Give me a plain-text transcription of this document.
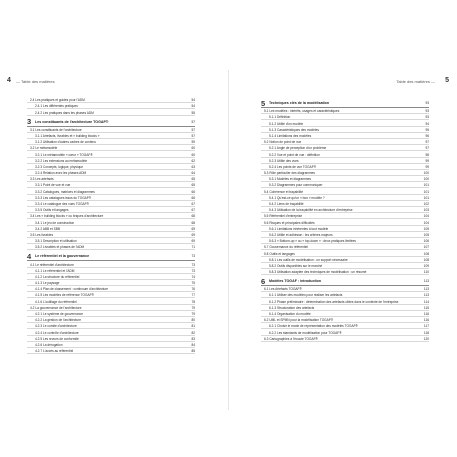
4 — Table des matières
2.4 Les pratiques et guides pour l'ADM	54
2.4.1 Les différentes pratiques	54
2.4.2 Les pratiques dans les phases ADM	55
3	Les constituants de l'architecture TOGAF®	57
3.1 Les constituants de l'architecture	57
3.1.1 Artefacts, livrables et « building blocks »	57
3.1.2 Utilisation d'autres cadres de contenu	59
3.2 Le métamodèle	60
3.2.1 Le métamodèle « cœur » TOGAF®	60
3.2.2 Les extensions au métamodèle	62
3.2.3 Concepts, logique, physique	63
3.2.4 Relation avec les phases ADM	64
3.3 Les artefacts	65
3.3.1 Point de vue et vue	65
3.3.2 Catalogues, matrices et diagrammes	66
3.3.3 Les catalogues issus du TOGAF®	66
3.3.4 Le catalogue des vues TOGAF®	67
3.3.5 Outils et langages	67
3.4 Les « building blocks » ou briques d'architecture	68
3.4.1 Le jeu de construction	68
3.4.2 ABB et SBB	69
3.5 Les livrables	69
3.5.1 Description et utilisation	69
3.5.2 Livrables et phases de l'ADM	71
4	Le référentiel et la gouvernance	73
4.1 Le référentiel d'architecture	73
4.1.1 Le référentiel et l'ADM	73
4.1.2 La structure du référentiel	74
4.1.3 Le paysage	75
4.1.4 Plan de classement : continuum d'architecture	76
4.1.5 Les modèles de référence TOGAF®	77
4.1.6 L'outillage du référentiel	78
4.2 La gouvernance de l'architecture	79
4.2.1 Le système de gouvernance	79
4.2.2 La gestion de l'architecture	80
4.2.3 Le comité d'architecture	81
4.2.4 Le contrôle d'architecture	82
4.2.5 Les revues de conformité	83
4.2.6 La dérogation	84
4.2.7 L'accès au référentiel	85
Table des matières — 5
5	Techniques clés de la modélisation	93
5.1 Les modèles : intérêts, usages et caractéristiques	93
5.1.1 Définition	93
5.1.2 Utilité d'un modèle	94
5.1.3 Caractéristiques des modèles	95
5.1.4 Limitations des modèles	96
5.2 Notion de point de vue	97
5.2.1 Angle de perception d'un problème	97
5.2.2 Vue et point de vue : définition	98
5.2.3 Utilité des vues	99
5.2.4 Les points de vue TOGAF®	99
5.3 Rôle particulier des diagrammes	100
5.3.1 Modèles et diagrammes	100
5.3.2 Diagrammes pour communiquer	101
5.4 Cohérence et traçabilité	101
5.4.1 Qu'est-ce qu'un « bon » modèle ?	101
5.4.2 Liens de traçabilité	102
5.4.3 Utilisation de la traçabilité en architecture d'entreprise	103
5.5 Référentiel d'entreprise	104
5.6 Risques et principales difficultés	104
5.6.1 Limitations inhérentes à tout modèle	105
5.6.2 Utilité et adhésion : les critères majeurs	105
5.6.3 « Bottom-up » ou « top-down » : deux pratiques limitées	106
5.7 Gouvernance du référentiel	107
5.8 Outils et langages	108
5.8.1 Les outils de modélisation : un support nécessaire	108
5.8.2 Outils disponibles sur le marché	109
5.8.3 Utilisation adaptée des techniques de modélisation : un résumé	110
6	Modèles TOGAF : introduction	113
6.1 Les Artefacts TOGAF®	113
6.1.1 Utiliser des modèles pour réaliser les artefacts	113
6.1.2 Phase préliminaire : détermination des artefacts cibles dans le contexte de l'entreprise	114
6.1.3 Structuration des artefacts	115
6.1.4 Organisation du modèle	116
6.2 UML et SPMN pour la modélisation TOGAF®	116
6.2.1 Choisir le mode de représentation des modèles TOGAF®	117
6.2.2 Les standards de modélisation pour TOGAF®	118
6.3 Cartographies à l'écoute TOGAF®	120
